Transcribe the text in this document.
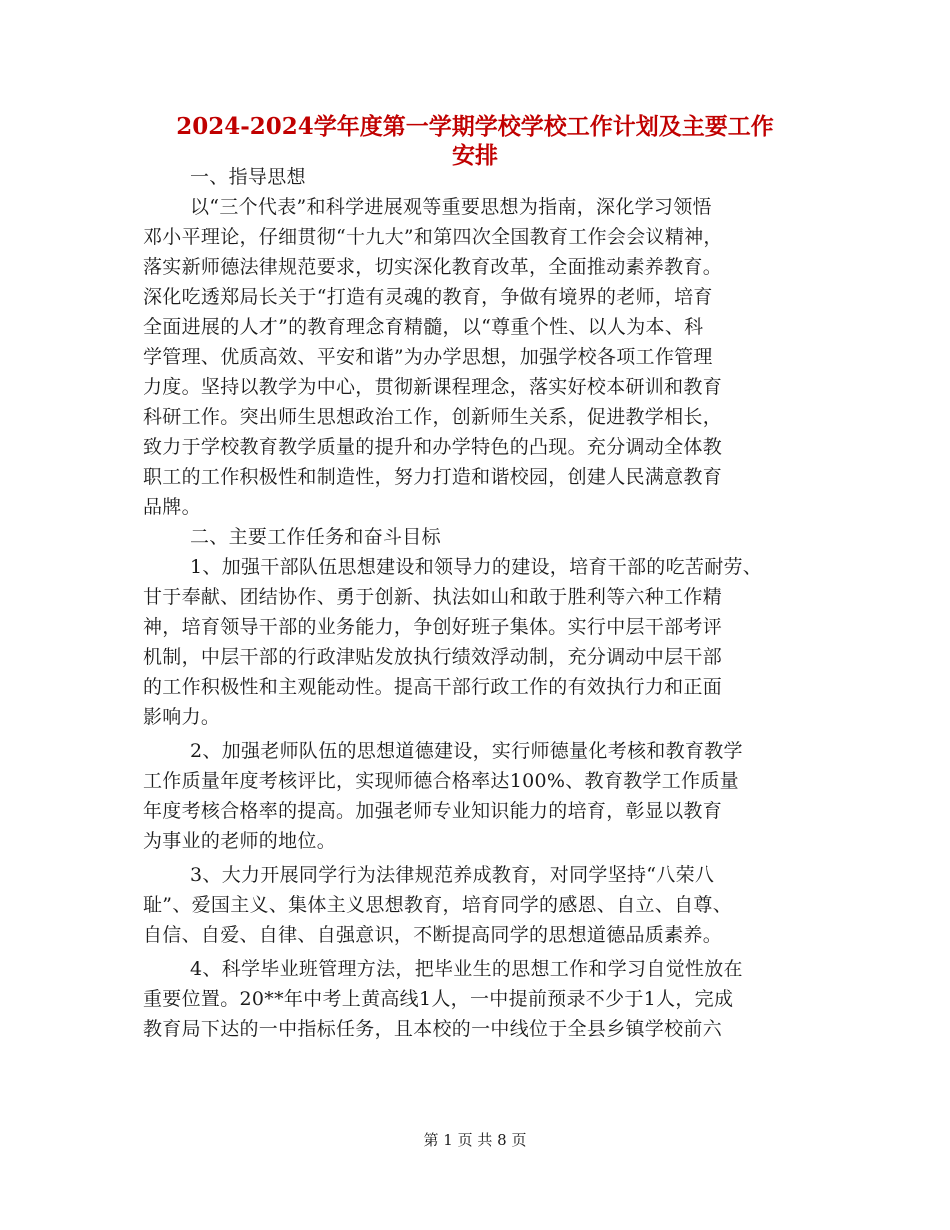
2024-2024学年度第一学期学校学校工作计划及主要工作
安排
一、指导思想
以“三个代表”和科学进展观等重要思想为指南，深化学习领悟
邓小平理论，仔细贯彻“十九大”和第四次全国教育工作会会议精神，
落实新师德法律规范要求，切实深化教育改革，全面推动素养教育。
深化吃透郑局长关于“打造有灵魂的教育，争做有境界的老师，培育
全面进展的人才”的教育理念育精髓，以“尊重个性、以人为本、科
学管理、优质高效、平安和谐”为办学思想，加强学校各项工作管理
力度。坚持以教学为中心，贯彻新课程理念，落实好校本研训和教育
科研工作。突出师生思想政治工作，创新师生关系，促进教学相长，
致力于学校教育教学质量的提升和办学特色的凸现。充分调动全体教
职工的工作积极性和制造性，努力打造和谐校园，创建人民满意教育
品牌。
二、主要工作任务和奋斗目标
1、加强干部队伍思想建设和领导力的建设，培育干部的吃苦耐劳、
甘于奉献、团结协作、勇于创新、执法如山和敢于胜利等六种工作精
神，培育领导干部的业务能力，争创好班子集体。实行中层干部考评
机制，中层干部的行政津贴发放执行绩效浮动制，充分调动中层干部
的工作积极性和主观能动性。提高干部行政工作的有效执行力和正面
影响力。
2、加强老师队伍的思想道德建设，实行师德量化考核和教育教学
工作质量年度考核评比，实现师德合格率达100%、教育教学工作质量
年度考核合格率的提高。加强老师专业知识能力的培育，彰显以教育
为事业的老师的地位。
3、大力开展同学行为法律规范养成教育，对同学坚持“八荣八
耻”、爱国主义、集体主义思想教育，培育同学的感恩、自立、自尊、
自信、自爱、自律、自强意识，不断提高同学的思想道德品质素养。
4、科学毕业班管理方法，把毕业生的思想工作和学习自觉性放在
重要位置。20**年中考上黄高线1人，一中提前预录不少于1人，完成
教育局下达的一中指标任务，且本校的一中线位于全县乡镇学校前六
第 1 页 共 8 页
